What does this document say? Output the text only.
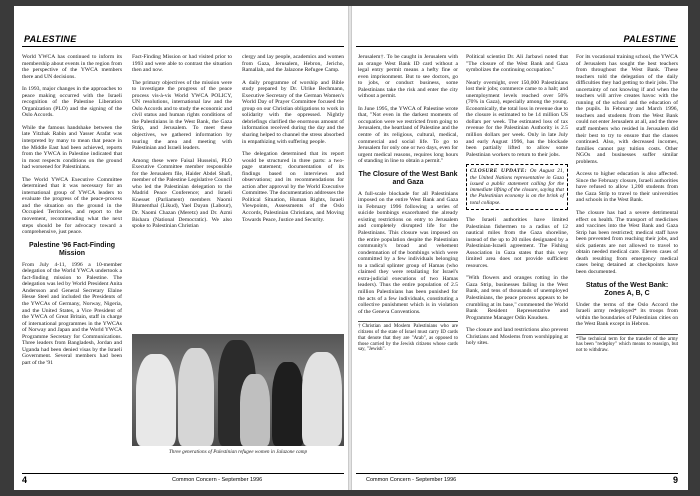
PALESTINE

World YWCA has continued to inform its membership about events in the region from the perspective of the YWCA members there and UN decisions.

In 1993, major changes in the approaches to peace making occurred with the Israeli recognition of the Palestine Liberation Organization (PLO) and the signing of the Oslo Accords.

While the famous handshake between the late Yitzhak Rabin and Yasser Arafat was interpreted by many to mean that peace in the Middle East had been achieved, reports from the YWCA in Palestine indicated that in most respects conditions on the ground had worsened for Palestinians.

The World YWCA Executive Committee determined that it was necessary for an international group of YWCA leaders to evaluate the progress of the peace-process and the situation on the ground in the Occupied Territories, and report to the movement, recommending what the next steps should be for advocacy toward a comprehensive, just peace.

Palestine '96 Fact-Finding Mission

From July 4-11, 1996 a 10-member delegation of the World YWCA undertook a fact-finding mission to Palestine. The delegation was led by World President Anita Andersson and General Secretary Elaine Hesse Steel and included the Presidents of the YWCAs of Germany, Norway, Nigeria, and the United States, a Vice President of the YWCA of Great Britain, staff in charge of international programmes in the YWCAs of Norway and Japan and the World YWCA Programme Secretary for Communications. Three leaders from Bangladesh, Jordan and Uganda had been denied visas by the Israeli Government. Several members had been part of the '91

Fact-Finding Mission or had visited prior to 1993 and were able to contrast the situation then and now.

The primary objectives of the mission were to investigate the progress of the peace process vis-à-vis World YWCA POLICY, UN resolutions, international law and the Oslo Accords and to study the economic and civil status and human rights conditions of the Palestinians in the West Bank, the Gaza Strip, and Jerusalem. To meet these objectives, we gathered information by touring the area and meeting with Palestinian and Israeli leaders.

Among these were Faisal Husseini, PLO Executive Committee member responsible for the Jerusalem file, Haider Abdel Shafi, member of the Palestine Legislative Council who led the Palestinian delegation to the Madrid Peace Conference; and Israeli Knesset (Parliament) members Naomi Blumenthal (Likud), Yael Dayan (Labour), Dr. Naomi Chazan (Meretz) and Dr. Azmi Bishara (National Democratic). We also spoke to Palestinian Christian

clergy and lay people, academics and women from Gaza, Jerusalem, Hebron, Jericho, Ramallah, and the Jalazone Refugee Camp.

A daily programme of worship and Bible study prepared by Dr. Ulrike Bechmann, Executive Secretary of the German Women's World Day of Prayer Committee focused the group on our Christian obligations to work in solidarity with the oppressed. Nightly debriefings clarified the enormous amount of information received during the day and the sharing helped to channel the stress absorbed in empathizing with suffering people.

The delegation determined that its report would be structured in three parts: a two-page statement; documentation of its findings based on interviews and observations; and its recommendations for action after approval by the World Executive Committee. The documentation addresses the Political Situation, Human Rights, Israeli Viewpoints, Assessments of the Oslo Accords, Palestinian Christians, and Moving Towards Peace, Justice and Security.

Three generations of Palestinian refugee women in Jalazone camp
4	Common Concern - September 1996
PALESTINE

Jerusalem†. To be caught in Jerusalem with an orange West Bank ID card without a legal entry permit means a hefty fine or even imprisonment. But to see doctors, go to jobs, or conduct business, some Palestinians take the risk and enter the city without a permit.

In June 1995, the YWCA of Palestine wrote that, "Not even in the darkest moments of occupation were we restricted from going to Jerusalem, the heartland of Palestine and the centre of its religious, cultural, medical, commercial and social life. To go to Jerusalem for only one or two days, even for urgent medical reasons, requires long hours of standing in line to obtain a permit."

The Closure of the West Bank and Gaza

A full-scale blockade for all Palestinians imposed on the entire West Bank and Gaza in February 1996 following a series of suicide bombings exacerbated the already existing restrictions on entry to Jerusalem and completely disrupted life for the Palestinians. This closure was imposed on the entire population despite the Palestinian community's broad and vehement condemnation of the bombings which were committed by a few individuals belonging to a radical splinter group of Hamas (who claimed they were retaliating for Israel's extra-judicial executions of two Hamas leaders). Thus the entire population of 2.5 million Palestinians has been punished for the acts of a few individuals, constituting a collective punishment which is in violation of the Geneva Conventions.

†Christian and Moslem Palestinians who are citizens of the state of Israel must carry ID cards that denote that they are "Arab", as opposed to those carried by the Jewish citizens whose cards say, "Jewish".

Political scientist Dr. Ali Jarbawi noted that "The closure of the West Bank and Gaza symbolizes the continuing occupation."

Nearly overnight, over 150,000 Palestinians lost their jobs; commerce came to a halt; and unemployment levels reached over 50% (70% in Gaza), especially among the young. Economically, the total loss in revenue due to the closure is estimated to be 14 million US dollars per week. The estimated loss of tax revenue for the Palestinian Authority is 2.5 million dollars per week. Only in late July and early August 1996, has the blockade been partially lifted to allow some Palestinian workers to return to their jobs.

CLOSURE UPDATE: On August 21, the United Nations representative in Gaza issued a public statement calling for the immediate lifting of the closure, saying that the Palestinian economy is on the brink of total collapse.

The Israeli authorities have limited Palestinian fishermen to a radius of 12 nautical miles from the Gaza shoreline, instead of the up to 20 miles designated by a Palestinian-Israeli agreement. The Fishing Association in Gaza states that this very limited area does not provide sufficient resources.

"With flowers and oranges rotting in the Gaza Strip, businesses failing in the West Bank, and tens of thousands of unemployed Palestinians, the peace process appears to be crumbling at its base," commented the World Bank Resident Representative and Programme Manager Odin Knudsen.

The closure and land restrictions also prevent Christians and Moslems from worshipping at holy sites.

For its vocational training school, the YWCA of Jerusalem has sought the best teachers from throughout the West Bank. These teachers told the delegation of the daily difficulties they had getting to their jobs. The uncertainty of not knowing if and when the teachers will arrive creates havoc with the running of the school and the education of the pupils. In February and March 1996, teachers and students from the West Bank could not enter Jerusalem at all, and the three staff members who resided in Jerusalem did their best to try to ensure that the classes continued. Also, with decreased incomes, families cannot pay tuition costs. Other NGOs and businesses suffer similar problems.

Access to higher education is also affected. Since the February closure, Israeli authorities have refused to allow 1,200 students from the Gaza Strip to travel to their universities and schools in the West Bank.

The closure has had a severe detrimental effect on health. The transport of medicines and vaccines into the West Bank and Gaza Strip has been restricted; medical staff have been prevented from reaching their jobs, and sick patients are not allowed to travel to obtain needed medical care. Eleven cases of death resulting from emergency medical cases being detained at checkpoints have been documented.

Status of the West Bank: Zones A, B, C

Under the terms of the Oslo Accord the Israeli army redeployed* its troops from within the boundaries of Palestinian cities on the West Bank except in Hebron.

*The technical term for the transfer of the army has been "redeploy" which means to reassign, but not to withdraw.
Common Concern - September 1996	9
